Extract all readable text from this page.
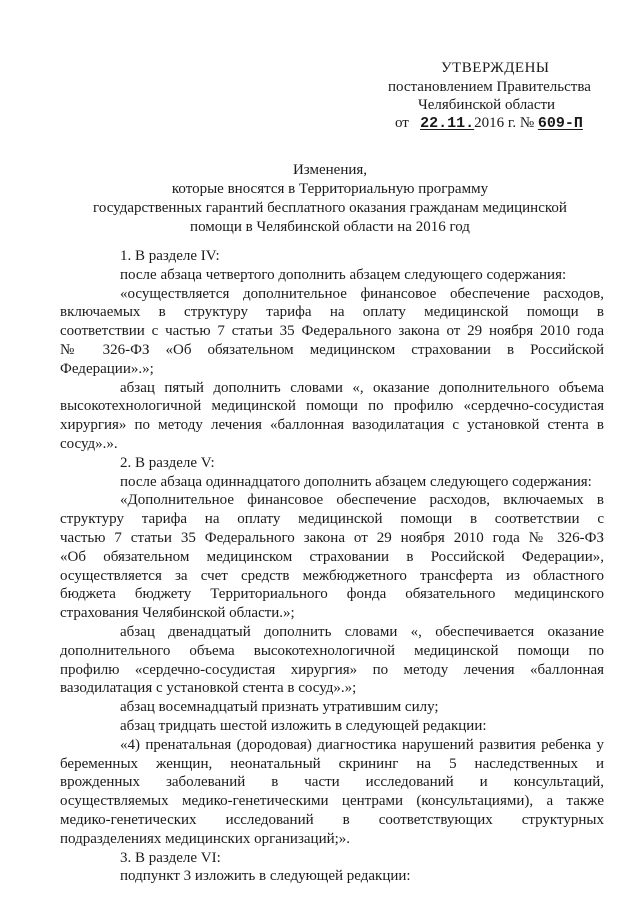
УТВЕРЖДЕНЫ
постановлением Правительства
Челябинской области
от 22.11.2016 г. № 609-П
Изменения,
которые вносятся в Территориальную программу
государственных гарантий бесплатного оказания гражданам медицинской
помощи в Челябинской области на 2016 год
1. В разделе IV:
после абзаца четвертого дополнить абзацем следующего содержания:
«осуществляется дополнительное финансовое обеспечение расходов,
включаемых в структуру тарифа на оплату медицинской помощи в
соответствии с частью 7 статьи 35 Федерального закона от 29 ноября 2010 года
№ 326-ФЗ «Об обязательном медицинском страховании в Российской
Федерации».»;
абзац пятый дополнить словами «, оказание дополнительного объема
высокотехнологичной медицинской помощи по профилю «сердечно-сосудистая
хирургия» по методу лечения «баллонная вазодилатация с установкой стента в
сосуд».».
2. В разделе V:
после абзаца одиннадцатого дополнить абзацем следующего содержания:
«Дополнительное финансовое обеспечение расходов, включаемых в
структуру тарифа на оплату медицинской помощи в соответствии с
частью 7 статьи 35 Федерального закона от 29 ноября 2010 года № 326-ФЗ
«Об обязательном медицинском страховании в Российской Федерации»,
осуществляется за счет средств межбюджетного трансферта из областного
бюджета бюджету Территориального фонда обязательного медицинского
страхования Челябинской области.»;
абзац двенадцатый дополнить словами «, обеспечивается оказание
дополнительного объема высокотехнологичной медицинской помощи по
профилю «сердечно-сосудистая хирургия» по методу лечения «баллонная
вазодилатация с установкой стента в сосуд».»;
абзац восемнадцатый признать утратившим силу;
абзац тридцать шестой изложить в следующей редакции:
«4) пренатальная (дородовая) диагностика нарушений развития ребенка у
беременных женщин, неонатальный скрининг на 5 наследственных и
врожденных заболеваний в части исследований и консультаций,
осуществляемых медико-генетическими центрами (консультациями), а также
медико-генетических исследований в соответствующих структурных
подразделениях медицинских организаций;».
3. В разделе VI:
подпункт 3 изложить в следующей редакции:
